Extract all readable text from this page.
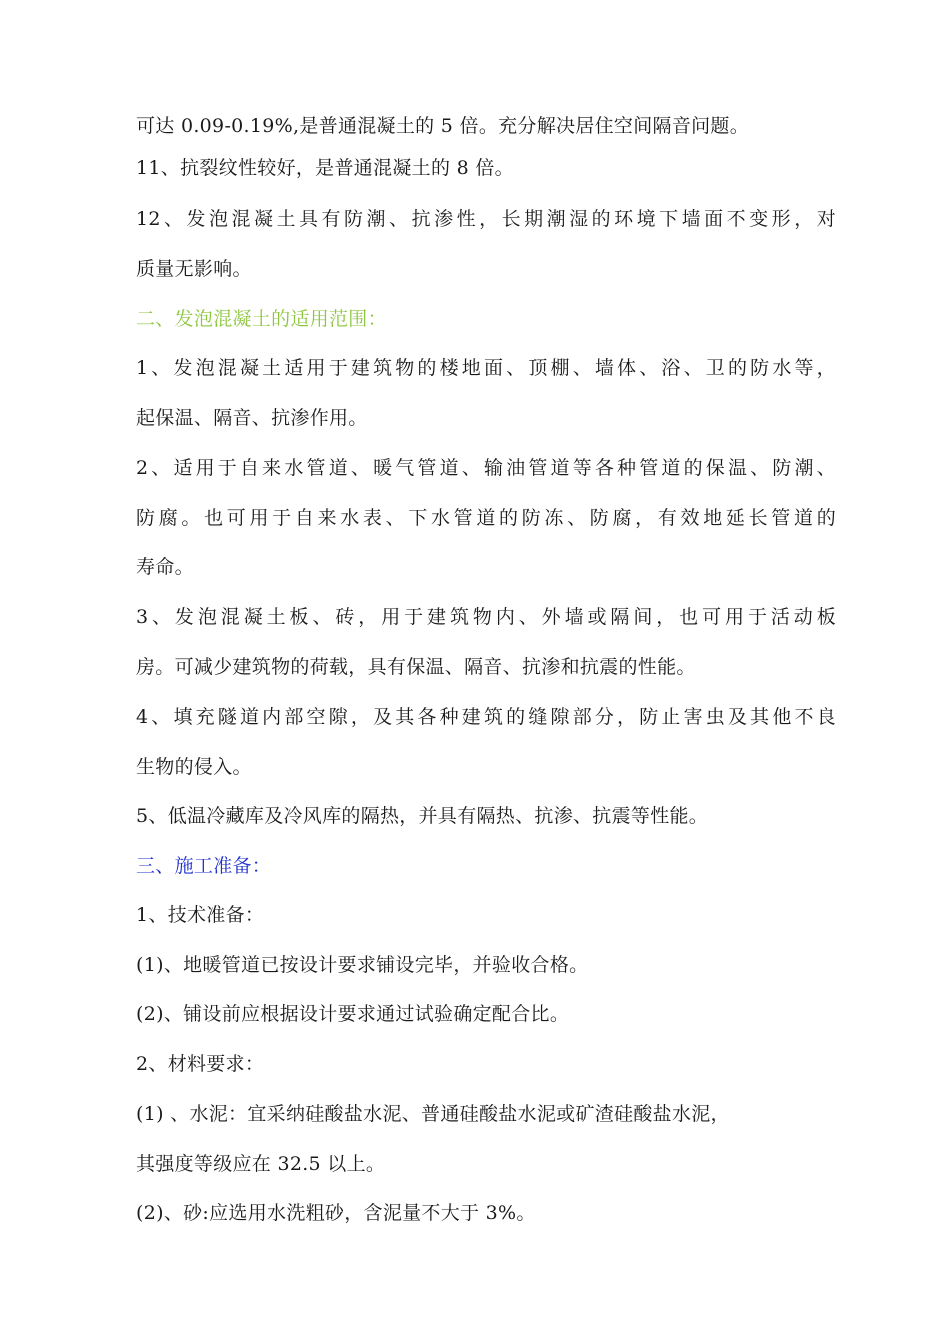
可达 0.09-0.19%,是普通混凝土的 5 倍。充分解决居住空间隔音问题。
11、抗裂纹性较好，是普通混凝土的 8 倍。
12、发泡混凝土具有防潮、抗渗性，长期潮湿的环境下墙面不变形，对
质量无影响。
二、发泡混凝土的适用范围：
1、发泡混凝土适用于建筑物的楼地面、顶棚、墙体、浴、卫的防水等，
起保温、隔音、抗渗作用。
2、适用于自来水管道、暖气管道、输油管道等各种管道的保温、防潮、
防腐。也可用于自来水表、下水管道的防冻、防腐，有效地延长管道的
寿命。
3、发泡混凝土板、砖，用于建筑物内、外墙或隔间，也可用于活动板
房。可减少建筑物的荷载，具有保温、隔音、抗渗和抗震的性能。
4、填充隧道内部空隙，及其各种建筑的缝隙部分，防止害虫及其他不良
生物的侵入。
5、低温冷藏库及冷风库的隔热，并具有隔热、抗渗、抗震等性能。
三、施工准备：
1、技术准备：
(1)、地暖管道已按设计要求铺设完毕，并验收合格。
(2)、铺设前应根据设计要求通过试验确定配合比。
2、材料要求：
(1) 、水泥：宜采纳硅酸盐水泥、普通硅酸盐水泥或矿渣硅酸盐水泥，
其强度等级应在 32.5 以上。
(2)、砂:应选用水洗粗砂，含泥量不大于 3%。
